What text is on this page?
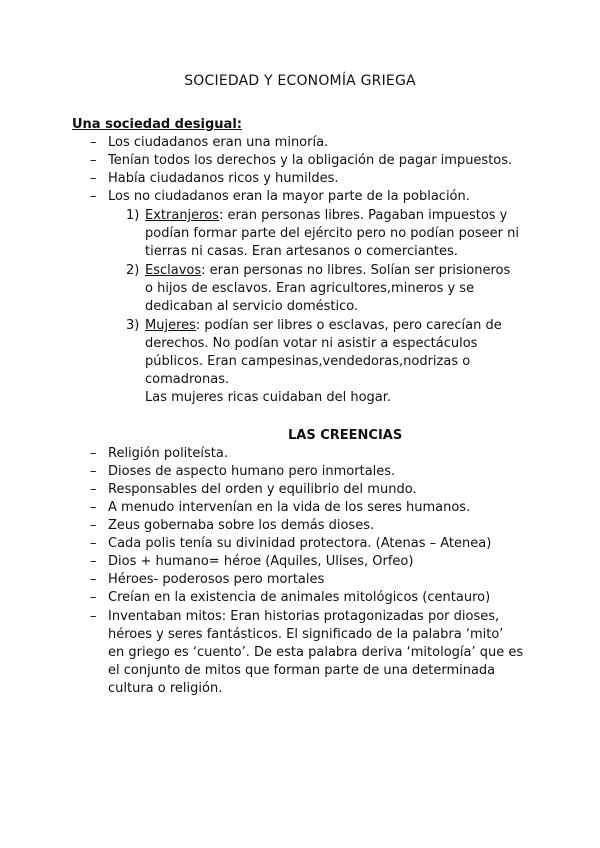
SOCIEDAD Y ECONOMÍA GRIEGA
Una sociedad desigual:
– Los ciudadanos eran una minoría.
– Tenían todos los derechos y la obligación de pagar impuestos.
– Había ciudadanos ricos y humildes.
– Los no ciudadanos eran la mayor parte de la población.
1) Extranjeros: eran personas libres. Pagaban impuestos y
podían formar parte del ejército pero no podían poseer ni
tierras ni casas. Eran artesanos o comerciantes.
2) Esclavos: eran personas no libres. Solían ser prisioneros
o hijos de esclavos. Eran agricultores,mineros y se
dedicaban al servicio doméstico.
3) Mujeres: podían ser libres o esclavas, pero carecían de
derechos. No podían votar ni asistir a espectáculos
públicos. Eran campesinas,vendedoras,nodrizas o
comadronas.
Las mujeres ricas cuidaban del hogar.
LAS CREENCIAS
– Religión politeísta.
– Dioses de aspecto humano pero inmortales.
– Responsables del orden y equilibrio del mundo.
– A menudo intervenían en la vida de los seres humanos.
– Zeus gobernaba sobre los demás dioses.
– Cada polis tenía su divinidad protectora. (Atenas – Atenea)
– Dios + humano= héroe (Aquiles, Ulises, Orfeo)
– Héroes- poderosos pero mortales
– Creían en la existencia de animales mitológicos (centauro)
– Inventaban mitos: Eran historias protagonizadas por dioses,
héroes y seres fantásticos. El significado de la palabra ‘mito’
en griego es ‘cuento’. De esta palabra deriva ‘mitología’ que es
el conjunto de mitos que forman parte de una determinada
cultura o religión.
